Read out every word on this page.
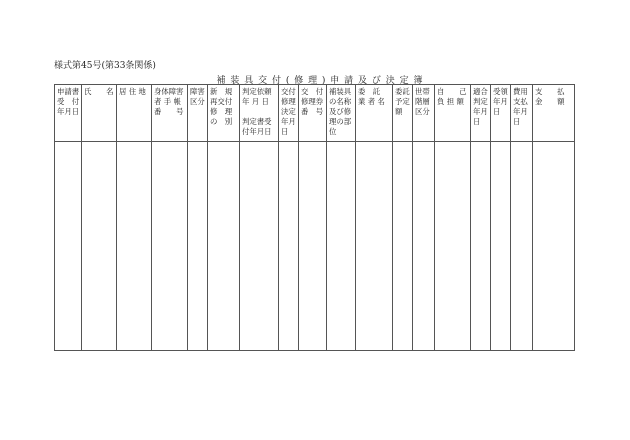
様式第45号(第33条関係)
補 装 具 交 付 ( 修 理 ) 申 請 及 び 決 定 簿
申請書
受　付
年月日	氏　　名	居 住 地	身体障害
者 手 帳
番　　号	障害
区分	新　規
再交付
修　理
の　別	判定依頼
年 月 日
判定書受
付年月日	交付
修理
決定
年月
日	交　付
修理券
番　号	補装具
の名称
及び修
理の部
位	委　託
業 者 名	委託
予定
額	世帯
階層
区分	自　　己
負 担 額	適合
判定
年月
日	受領
年月
日	費用
支払
年月
日	支　　払
金　　額
